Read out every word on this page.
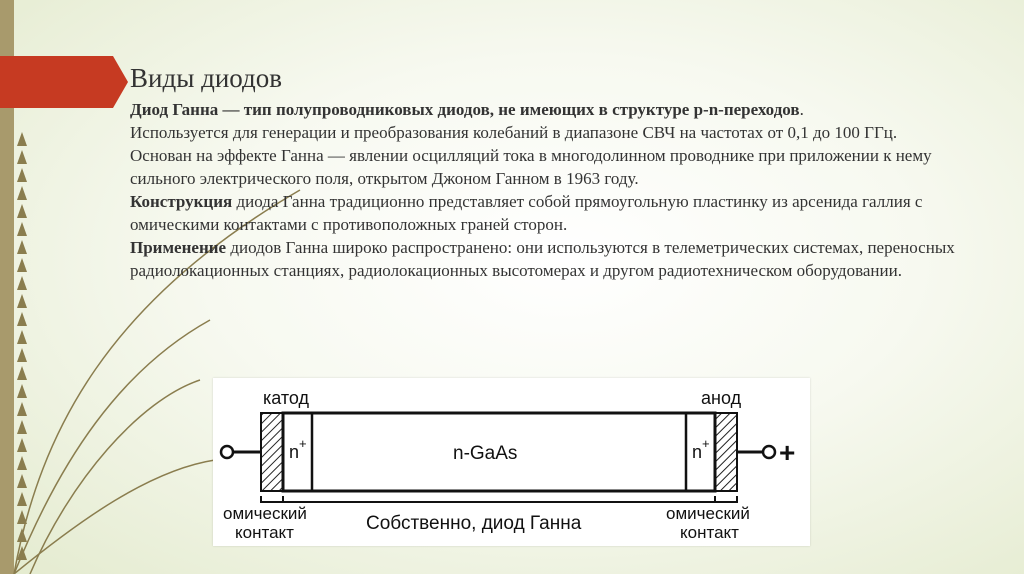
Виды диодов

Диод Ганна — тип полупроводниковых диодов, не имеющих в структуре p-n-переходов.

Используется для генерации и преобразования колебаний в диапазоне СВЧ на частотах от 0,1 до 100 ГГц.

Основан на эффекте Ганна — явлении осцилляций тока в многодолинном проводнике при приложении к нему сильного электрического поля, открытом Джоном Ганном в 1963 году.

Конструкция диода Ганна традиционно представляет собой прямоугольную пластинку из арсенида галлия с омическими контактами с противоположных граней сторон.

Применение диодов Ганна широко распространено: они используются в телеметрических системах, переносных радиолокационных станциях, радиолокационных высотомерах и другом радиотехническом оборудовании.

катод	анод
+
n+	n+
n-GaAs
омический
контакт
омический
контакт
Собственно, диод Ганна
